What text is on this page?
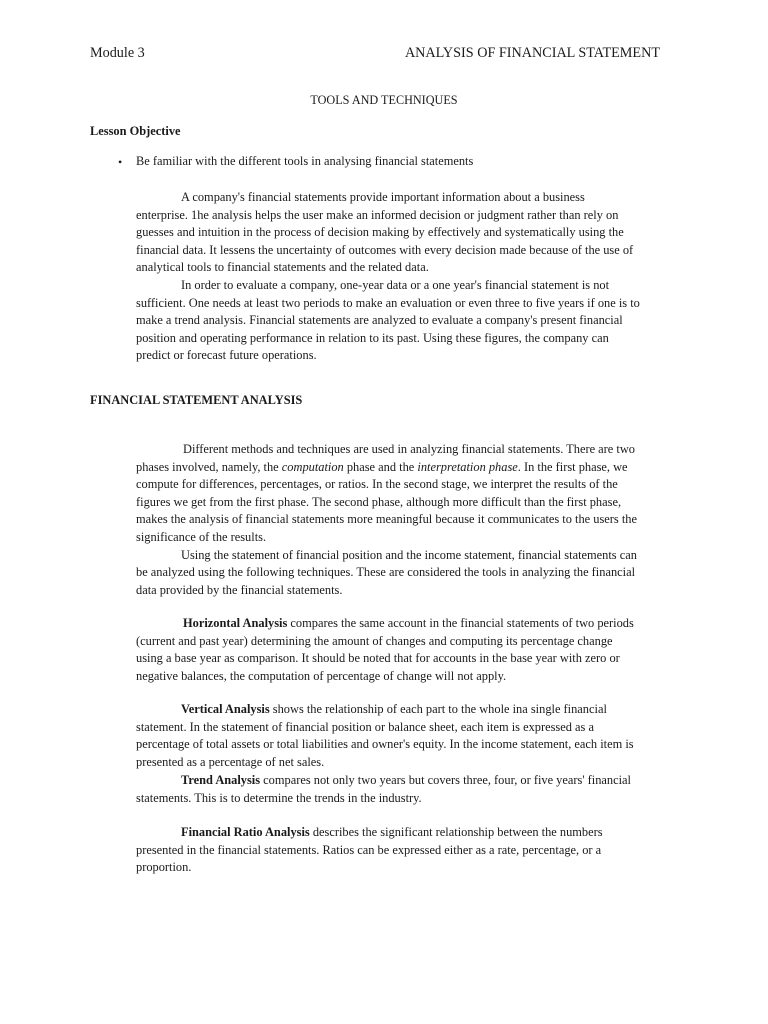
Module 3	ANALYSIS OF FINANCIAL STATEMENT
TOOLS AND TECHNIQUES
Lesson Objective
• Be familiar with the different tools in analysing financial statements
A company's financial statements provide important information about a business
enterprise. 1he analysis helps the user make an informed decision or judgment rather than rely on
guesses and intuition in the process of decision making by effectively and systematically using the
financial data. It lessens the uncertainty of outcomes with every decision made because of the use of
analytical tools to financial statements and the related data.
In order to evaluate a company, one-year data or a one year's financial statement is not
sufficient. One needs at least two periods to make an evaluation or even three to five years if one is to
make a trend analysis. Financial statements are analyzed to evaluate a company's present financial
position and operating performance in relation to its past. Using these figures, the company can
predict or forecast future operations.
FINANCIAL STATEMENT ANALYSIS
Different methods and techniques are used in analyzing financial statements. There are two
phases involved, namely, the computation phase and the interpretation phase. In the first phase, we
compute for differences, percentages, or ratios. In the second stage, we interpret the results of the
figures we get from the first phase. The second phase, although more difficult than the first phase,
makes the analysis of financial statements more meaningful because it communicates to the users the
significance of the results.
Using the statement of financial position and the income statement, financial statements can
be analyzed using the following techniques. These are considered the tools in analyzing the financial
data provided by the financial statements.
Horizontal Analysis compares the same account in the financial statements of two periods
(current and past year) determining the amount of changes and computing its percentage change
using a base year as comparison. It should be noted that for accounts in the base year with zero or
negative balances, the computation of percentage of change will not apply.
Vertical Analysis shows the relationship of each part to the whole ina single financial
statement. In the statement of financial position or balance sheet, each item is expressed as a
percentage of total assets or total liabilities and owner's equity. In the income statement, each item is
presented as a percentage of net sales.
Trend Analysis compares not only two years but covers three, four, or five years' financial
statements. This is to determine the trends in the industry.
Financial Ratio Analysis describes the significant relationship between the numbers
presented in the financial statements. Ratios can be expressed either as a rate, percentage, or a
proportion.
